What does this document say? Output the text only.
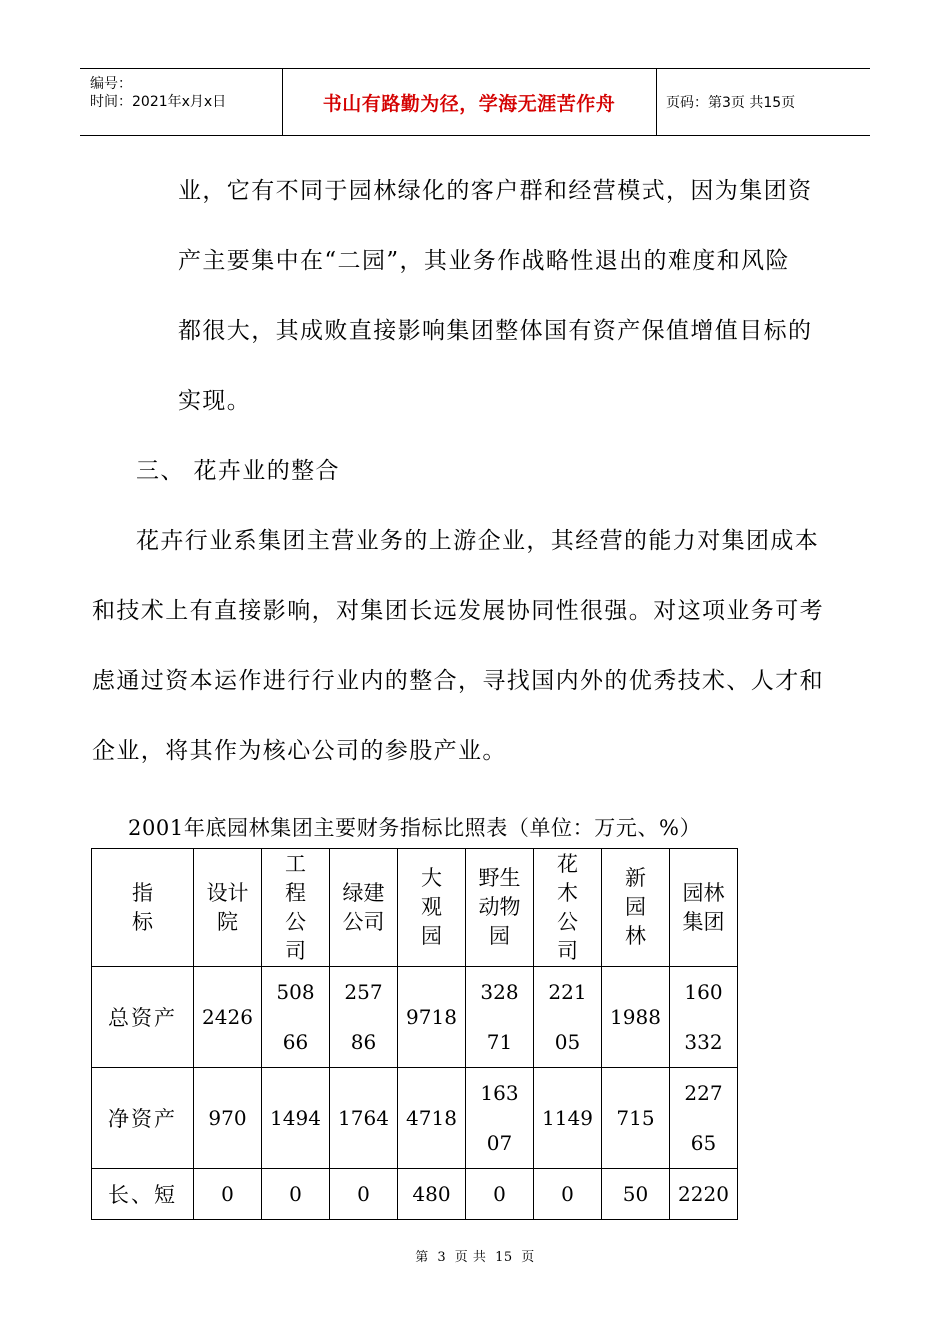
编号：
时间：2021年x月x日	书山有路勤为径，学海无涯苦作舟	页码：第3页 共15页
业，它有不同于园林绿化的客户群和经营模式，因为集团资
产主要集中在“二园”，其业务作战略性退出的难度和风险
都很大，其成败直接影响集团整体国有资产保值增值目标的
实现。
三、 花卉业的整合
花卉行业系集团主营业务的上游企业，其经营的能力对集团成本
和技术上有直接影响，对集团长远发展协同性很强。对这项业务可考
虑通过资本运作进行行业内的整合，寻找国内外的优秀技术、人才和
企业，将其作为核心公司的参股产业。
2001年底园林集团主要财务指标比照表（单位：万元、%）
指标	设计院	工程公司	绿建公司	大观园	野生动物园	花木公司	新园林	园林集团
总资产	2426	50866	25786	9718	32871	22105	1988	160332
净资产	970	1494	1764	4718	16307	1149	715	22765
长、短	0	0	0	480	0	0	50	2220
第 3 页 共 15 页
